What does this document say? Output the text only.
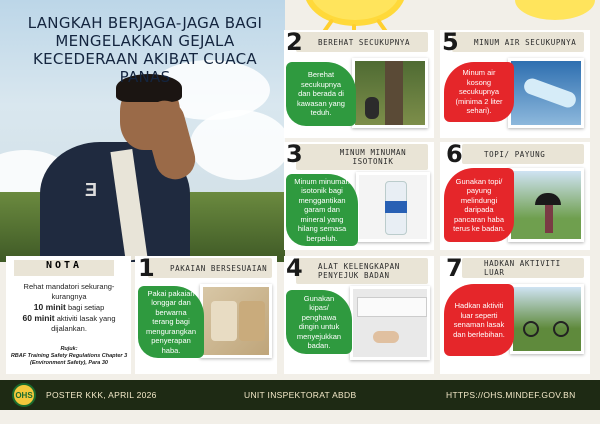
Ǝ
LANGKAH BERJAGA-JAGA BAGI MENGELAKKAN GEJALA KECEDERAAN AKIBAT CUACA PANAS
NOTA
Rehat mandatori sekurang-kurangnya
10 minit bagi setiap
60 minit aktiviti lasak yang dijalankan.
Rujuk:
RBAF Training Safety Regulations Chapter 3 (Environment Safety), Para 30
PAKAIAN BERSESUAIAN
1
Pakai pakaian longgar dan berwarna terang bagi mengurangkan penyerapan haba.
BEREHAT SECUKUPNYA
2
Berehat secukupnya dan berada di kawasan yang teduh.
MINUM MINUMAN ISOTONIK
3
Minum minuman isotonik bagi menggantikan garam dan mineral yang hilang semasa berpeluh.
ALAT KELENGKAPAN PENYEJUK BADAN
4
Gunakan kipas/ penghawa dingin untuk menyejukkan badan.
MINUM AIR SECUKUPNYA
5
Minum air kosong secukupnya (minima 2 liter sehari).
TOPI/ PAYUNG
6
Gunakan topi/ payung melindungi daripada pancaran haba terus ke badan.
HADKAN AKTIVITI LUAR
7
Hadkan aktiviti luar seperti senaman lasak dan berlebihan.
POSTER KKK, APRIL 2026	UNIT INSPEKTORAT ABDB	HTTPS://OHS.MINDEF.GOV.BN
OHS
